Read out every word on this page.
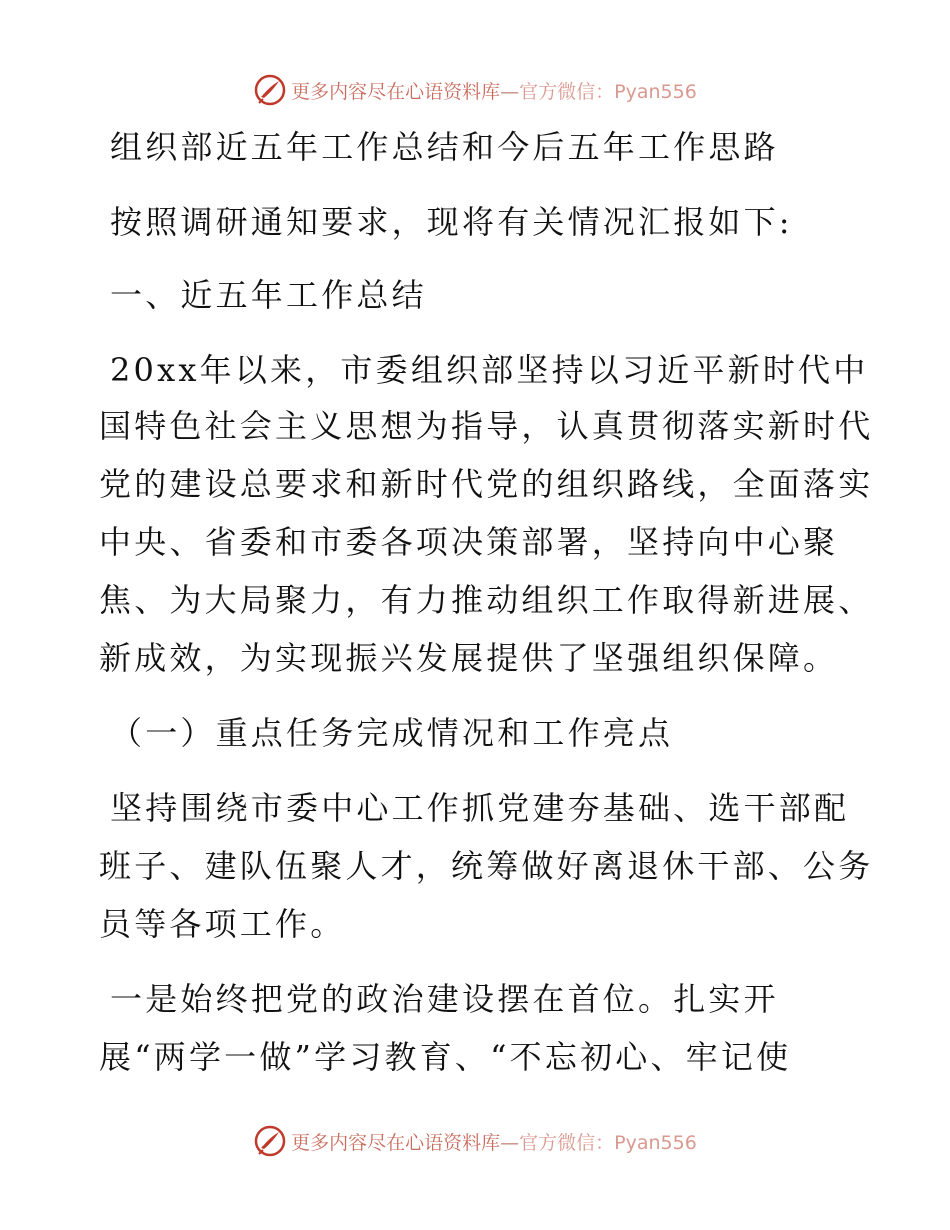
更多内容尽在心语资料库—官方微信：Pyan556
组织部近五年工作总结和今后五年工作思路
按照调研通知要求，现将有关情况汇报如下:
一、近五年工作总结
20xx年以来，市委组织部坚持以习近平新时代中
国特色社会主义思想为指导，认真贯彻落实新时代
党的建设总要求和新时代党的组织路线，全面落实
中央、省委和市委各项决策部署，坚持向中心聚
焦、为大局聚力，有力推动组织工作取得新进展、
新成效，为实现振兴发展提供了坚强组织保障。
（一）重点任务完成情况和工作亮点
坚持围绕市委中心工作抓党建夯基础、选干部配
班子、建队伍聚人才，统筹做好离退休干部、公务
员等各项工作。
一是始终把党的政治建设摆在首位。扎实开
展“两学一做”学习教育、“不忘初心、牢记使
更多内容尽在心语资料库—官方微信：Pyan556
